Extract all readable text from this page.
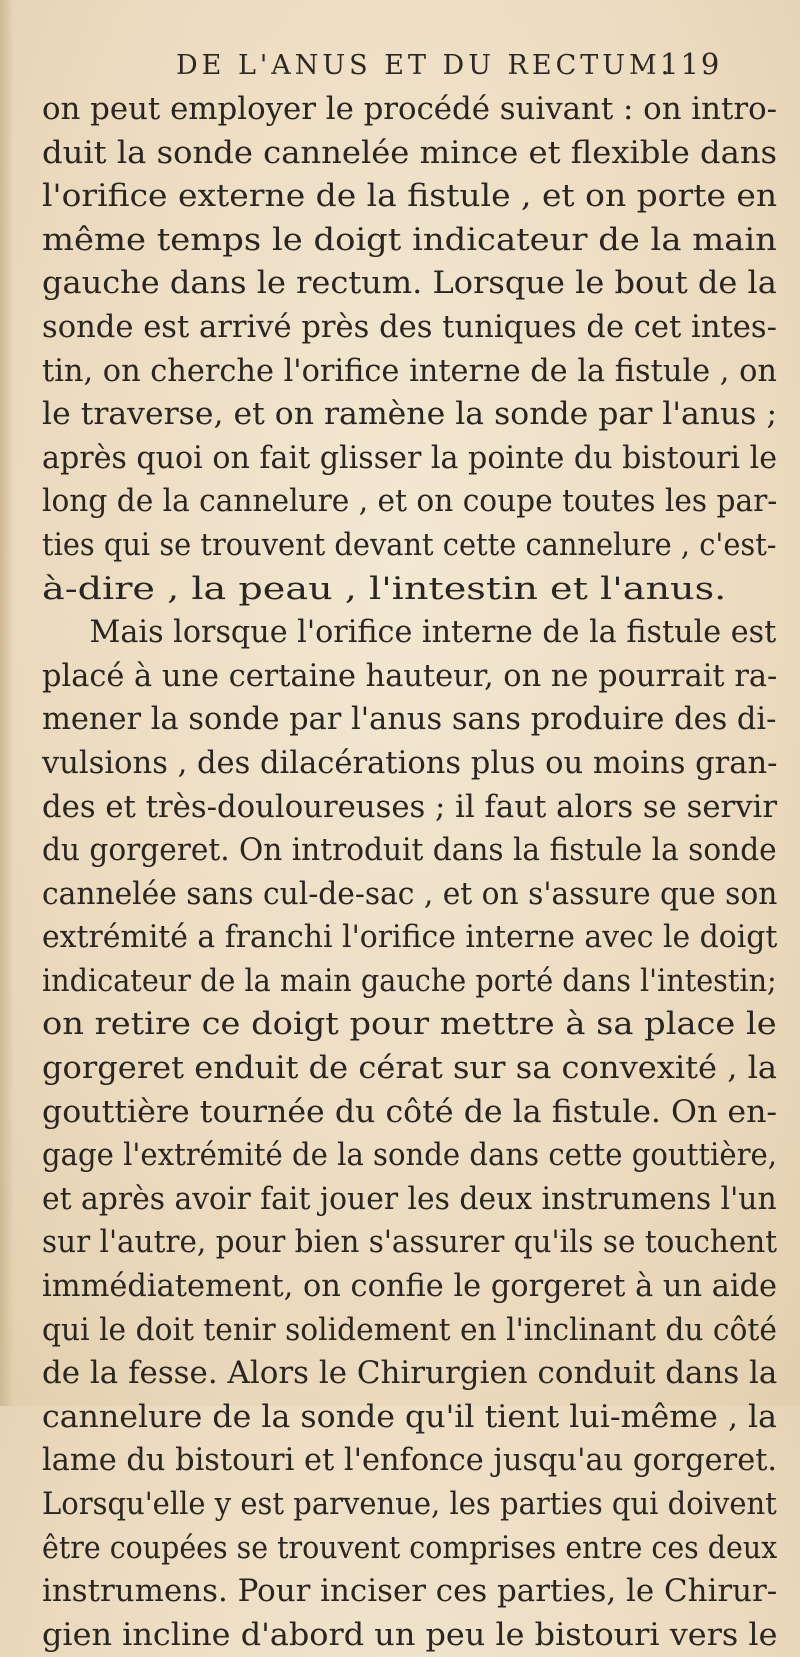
DE L'ANUS ET DU RECTUM.
119
on peut employer le procédé suivant : on intro-
duit la sonde cannelée mince et flexible dans
l'orifice externe de la fistule , et on porte en
même temps le doigt indicateur de la main
gauche dans le rectum. Lorsque le bout de la
sonde est arrivé près des tuniques de cet intes-
tin, on cherche l'orifice interne de la fistule , on
le traverse, et on ramène la sonde par l'anus ;
après quoi on fait glisser la pointe du bistouri le
long de la cannelure , et on coupe toutes les par-
ties qui se trouvent devant cette cannelure , c'est-
à-dire , la peau , l'intestin et l'anus.
Mais lorsque l'orifice interne de la fistule est
placé à une certaine hauteur, on ne pourrait ra-
mener la sonde par l'anus sans produire des di-
vulsions , des dilacérations plus ou moins gran-
des et très-douloureuses ; il faut alors se servir
du gorgeret. On introduit dans la fistule la sonde
cannelée sans cul-de-sac , et on s'assure que son
extrémité a franchi l'orifice interne avec le doigt
indicateur de la main gauche porté dans l'intestin;
on retire ce doigt pour mettre à sa place le
gorgeret enduit de cérat sur sa convexité , la
gouttière tournée du côté de la fistule. On en-
gage l'extrémité de la sonde dans cette gouttière,
et après avoir fait jouer les deux instrumens l'un
sur l'autre, pour bien s'assurer qu'ils se touchent
immédiatement, on confie le gorgeret à un aide
qui le doit tenir solidement en l'inclinant du côté
de la fesse. Alors le Chirurgien conduit dans la
cannelure de la sonde qu'il tient lui-même , la
lame du bistouri et l'enfonce jusqu'au gorgeret.
Lorsqu'elle y est parvenue, les parties qui doivent
être coupées se trouvent comprises entre ces deux
instrumens. Pour inciser ces parties, le Chirur-
gien incline d'abord un peu le bistouri vers le
